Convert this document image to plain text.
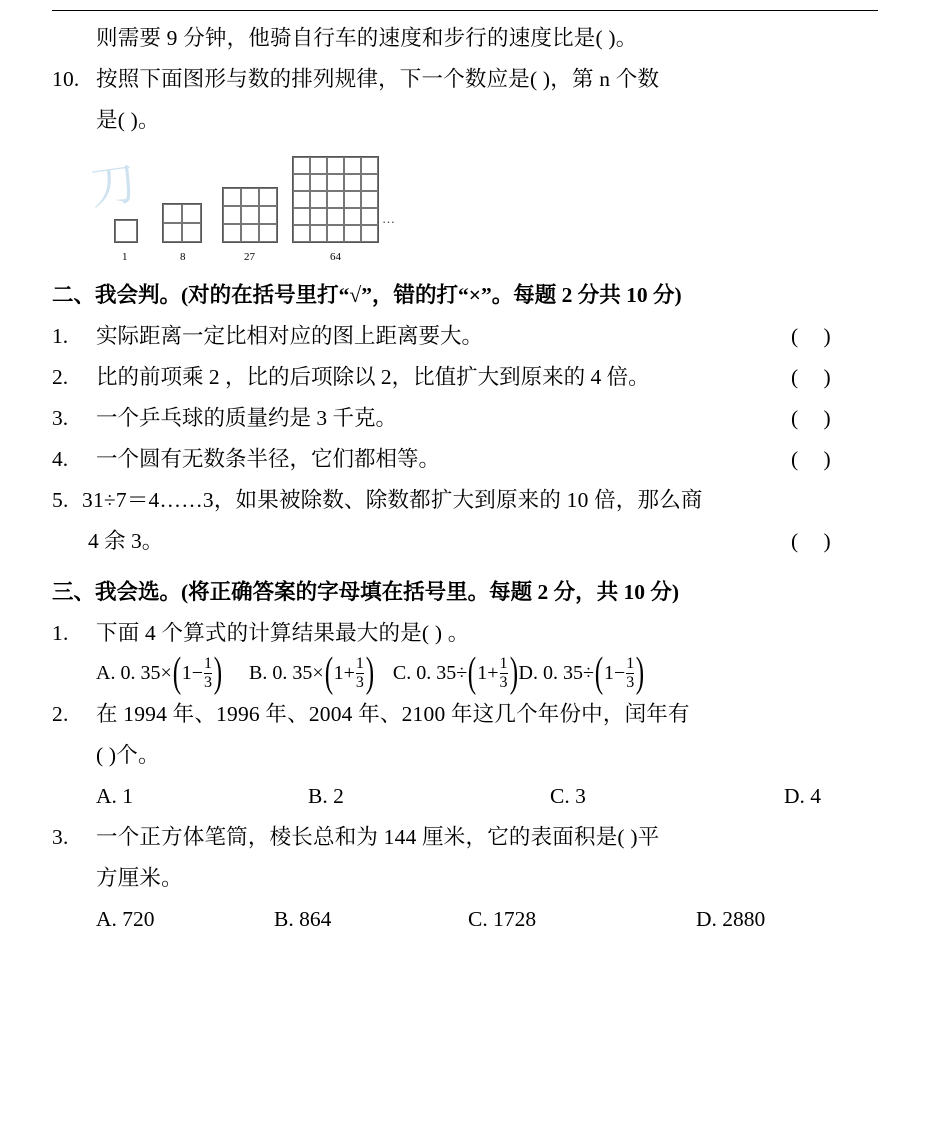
则需要 9 分钟，他骑自行车的速度和步行的速度比是( )。
10. 按照下面图形与数的排列规律，下一个数应是( )，第 n 个数
是( )。
刀
1	8	27	64
…
二、我会判。(对的在括号里打“√”，错的打“×”。每题 2 分共 10 分)
1. 实际距离一定比相对应的图上距离要大。	( )
2. 比的前项乘 2 ，比的后项除以 2，比值扩大到原来的 4 倍。	( )
3. 一个乒乓球的质量约是 3 千克。	( )
4. 一个圆有无数条半径，它们都相等。	( )
5. 31÷7＝4……3，如果被除数、除数都扩大到原来的 10 倍，那么商
4 余 3。	( )
三、我会选。(将正确答案的字母填在括号里。每题 2 分，共 10 分)
1. 下面 4 个算式的计算结果最大的是( ) 。
A. 0. 35× ( $1 - \frac{1}{3}$ ) B. 0. 35× ( $1 + \frac{1}{3}$ ) C. 0. 35÷ ( $1 + \frac{1}{3}$ ) D. 0. 35÷ ( $1 - \frac{1}{3}$ )
2. 在 1994 年、1996 年、2004 年、2100 年这几个年份中，闰年有
( )个。
A. 1	B. 2	C. 3	D. 4
3. 一个正方体笔筒，棱长总和为 144 厘米，它的表面积是( )平
方厘米。
A. 720	B. 864	C. 1728	D. 2880
